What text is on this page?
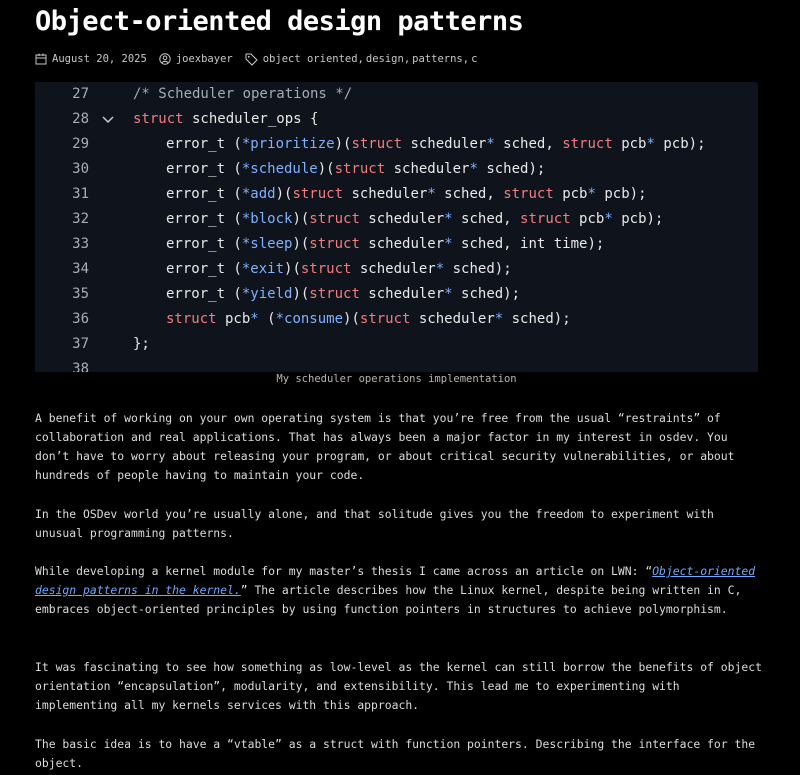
Object-oriented design patterns
August 20, 2025	joexbayer	object oriented, design, patterns, c
27	/* Scheduler operations */
28	struct scheduler_ops {
29	error_t (*prioritize)(struct scheduler* sched, struct pcb* pcb);
30	error_t (*schedule)(struct scheduler* sched);
31	error_t (*add)(struct scheduler* sched, struct pcb* pcb);
32	error_t (*block)(struct scheduler* sched, struct pcb* pcb);
33	error_t (*sleep)(struct scheduler* sched, int time);
34	error_t (*exit)(struct scheduler* sched);
35	error_t (*yield)(struct scheduler* sched);
36	struct pcb* (*consume)(struct scheduler* sched);
37	};
38
My scheduler operations implementation

A benefit of working on your own operating system is that you’re free from the usual “restraints” of collaboration and real applications. That has always been a major factor in my interest in osdev. You don’t have to worry about releasing your program, or about critical security vulnerabilities, or about hundreds of people having to maintain your code.

In the OSDev world you’re usually alone, and that solitude gives you the freedom to experiment with unusual programming patterns.

While developing a kernel module for my master’s thesis I came across an article on LWN: “Object-oriented design patterns in the kernel.” The article describes how the Linux kernel, despite being written in C, embraces object-oriented principles by using function pointers in structures to achieve polymorphism.

It was fascinating to see how something as low-level as the kernel can still borrow the benefits of object orientation “encapsulation”, modularity, and extensibility. This lead me to experimenting with implementing all my kernels services with this approach.

The basic idea is to have a “vtable” as a struct with function pointers. Describing the interface for the object.
